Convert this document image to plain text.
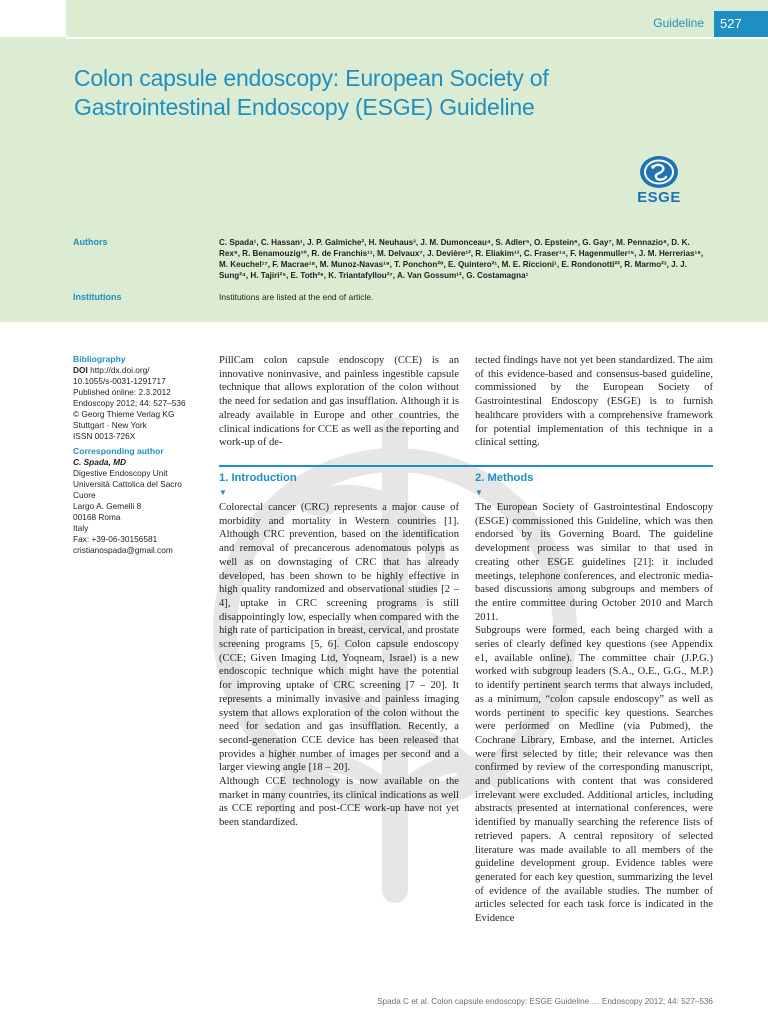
Guideline	527
Colon capsule endoscopy: European Society of Gastrointestinal Endoscopy (ESGE) Guideline
ESGE
Authors	C. Spada¹, C. Hassan¹, J. P. Galmiche², H. Neuhaus³, J. M. Dumonceau⁴, S. Adler⁵, O. Epstein⁶, G. Gay⁷, M. Pennazio⁸, D. K. Rex⁹, R. Benamouzig¹⁰, R. de Franchis¹¹, M. Delvaux⁷, J. Devière¹², R. Eliakim¹³, C. Fraser¹⁴, F. Hagenmuller¹⁵, J. M. Herrerias¹⁶, M. Keuchel¹⁷, F. Macrae¹⁸, M. Munoz-Navas¹⁹, T. Ponchon²⁰, E. Quintero²¹, M. E. Riccioni¹, E. Rondonotti²², R. Marmo²³, J. J. Sung²⁴, H. Tajiri²⁵, E. Toth²⁶, K. Triantafyllou²⁷, A. Van Gossum¹², G. Costamagna¹
Institutions	Institutions are listed at the end of article.
Bibliography
DOI http://dx.doi.org/
10.1055/s-0031-1291717
Published online: 2.3.2012
Endoscopy 2012; 44: 527–536
© Georg Thieme Verlag KG
Stuttgart · New York
ISSN 0013-726X
Corresponding author
C. Spada, MD
Digestive Endoscopy Unit
Università Cattolica del Sacro
Cuore
Largo A. Gemelli 8
00168 Roma
Italy
Fax: +39-06-30156581
cristianospada@gmail.com

PillCam colon capsule endoscopy (CCE) is an innovative noninvasive, and painless ingestible capsule technique that allows exploration of the colon without the need for sedation and gas insufflation. Although it is already available in Europe and other countries, the clinical indications for CCE as well as the reporting and work-up of de-

tected findings have not yet been standardized. The aim of this evidence-based and consensus-based guideline, commissioned by the European Society of Gastrointestinal Endoscopy (ESGE) is to furnish healthcare providers with a comprehensive framework for potential implementation of this technique in a clinical setting.

1. Introduction
▼
2. Methods
▼

Colorectal cancer (CRC) represents a major cause of morbidity and mortality in Western countries [1]. Although CRC prevention, based on the identification and removal of precancerous adenomatous polyps as well as on downstaging of CRC that has already developed, has been shown to be highly effective in high quality randomized and observational studies [2 – 4], uptake in CRC screening programs is still disappointingly low, especially when compared with the high rate of participation in breast, cervical, and prostate screening programs [5, 6]. Colon capsule endoscopy (CCE; Given Imaging Ltd, Yoqneam, Israel) is a new endoscopic technique which might have the potential for improving uptake of CRC screening [7 – 20]. It represents a minimally invasive and painless imaging system that allows exploration of the colon without the need for sedation and gas insufflation. Recently, a second-generation CCE device has been released that provides a higher number of images per second and a larger viewing angle [18 – 20].

Although CCE technology is now available on the market in many countries, its clinical indications as well as CCE reporting and post-CCE work-up have not yet been standardized.

The European Society of Gastrointestinal Endoscopy (ESGE) commissioned this Guideline, which was then endorsed by its Governing Board. The guideline development process was similar to that used in creating other ESGE guidelines [21]: it included meetings, telephone conferences, and electronic media-based discussions among subgroups and members of the entire committee during October 2010 and March 2011.

Subgroups were formed, each being charged with a series of clearly defined key questions (see Appendix e1, available online). The committee chair (J.P.G.) worked with subgroup leaders (S.A., O.E., G.G., M.P.) to identify pertinent search terms that always included, as a minimum, “colon capsule endoscopy” as well as words pertinent to specific key questions. Searches were performed on Medline (via Pubmed), the Cochrane Library, Embase, and the internet. Articles were first selected by title; their relevance was then confirmed by review of the corresponding manuscript, and publications with content that was considered irrelevant were excluded. Additional articles, including abstracts presented at international conferences, were identified by manually searching the reference lists of retrieved papers. A central repository of selected literature was made available to all members of the guideline development group. Evidence tables were generated for each key question, summarizing the level of evidence of the available studies. The number of articles selected for each task force is indicated in the Evidence

Spada C et al. Colon capsule endoscopy: ESGE Guideline … Endoscopy 2012; 44: 527–536
